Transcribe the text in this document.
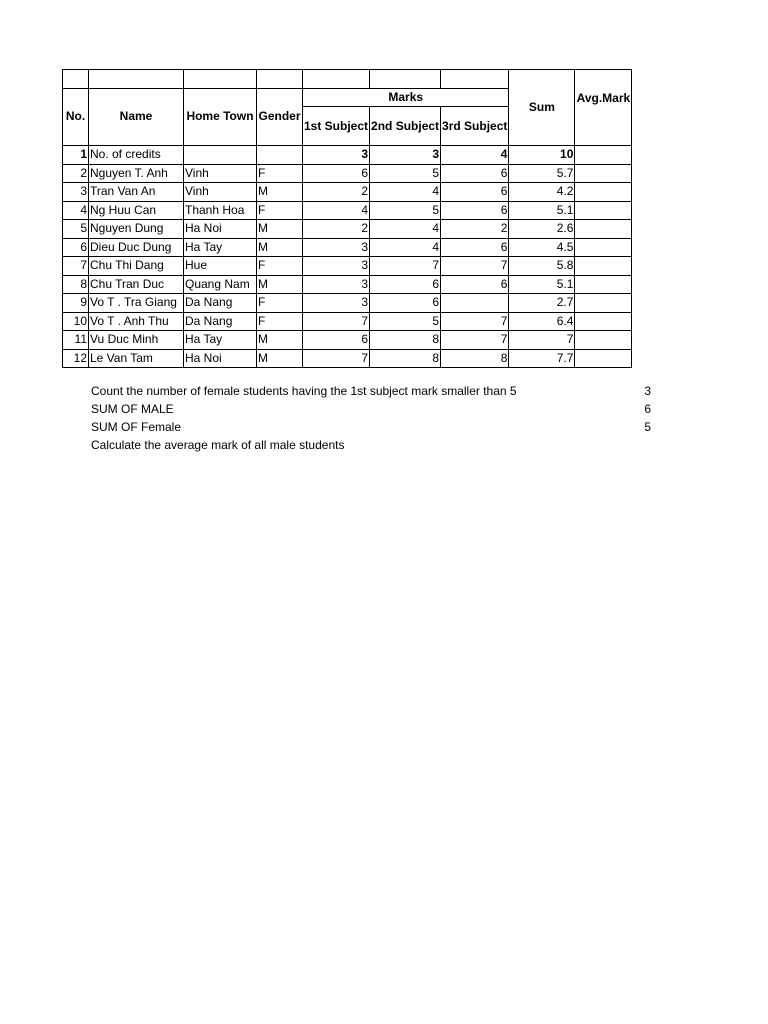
							Sum	Avg.Mark
No.	Name	Home Town	Gender	Marks				
				1st Subject	2nd Subject	3rd Subject		
1	No. of credits			3	3	4	10	
2	Nguyen T. Anh	Vinh	F	6	5	6	5.7	
3	Tran Van An	Vinh	M	2	4	6	4.2	
4	Ng Huu Can	Thanh Hoa	F	4	5	6	5.1	
5	Nguyen Dung	Ha Noi	M	2	4	2	2.6	
6	Dieu Duc Dung	Ha Tay	M	3	4	6	4.5	
7	Chu Thi Dang	Hue	F	3	7	7	5.8	
8	Chu Tran Duc	Quang Nam	M	3	6	6	5.1	
9	Vo T . Tra Giang	Da Nang	F	3	6		2.7	
10	Vo T . Anh Thu	Da Nang	F	7	5	7	6.4	
11	Vu Duc Minh	Ha Tay	M	6	8	7	7	
12	Le Van Tam	Ha Noi	M	7	8	8	7.7	
Count the number of female students having the 1st subject mark smaller than 5	3
SUM OF MALE	6
SUM OF Female	5
Calculate the average mark of all male students
